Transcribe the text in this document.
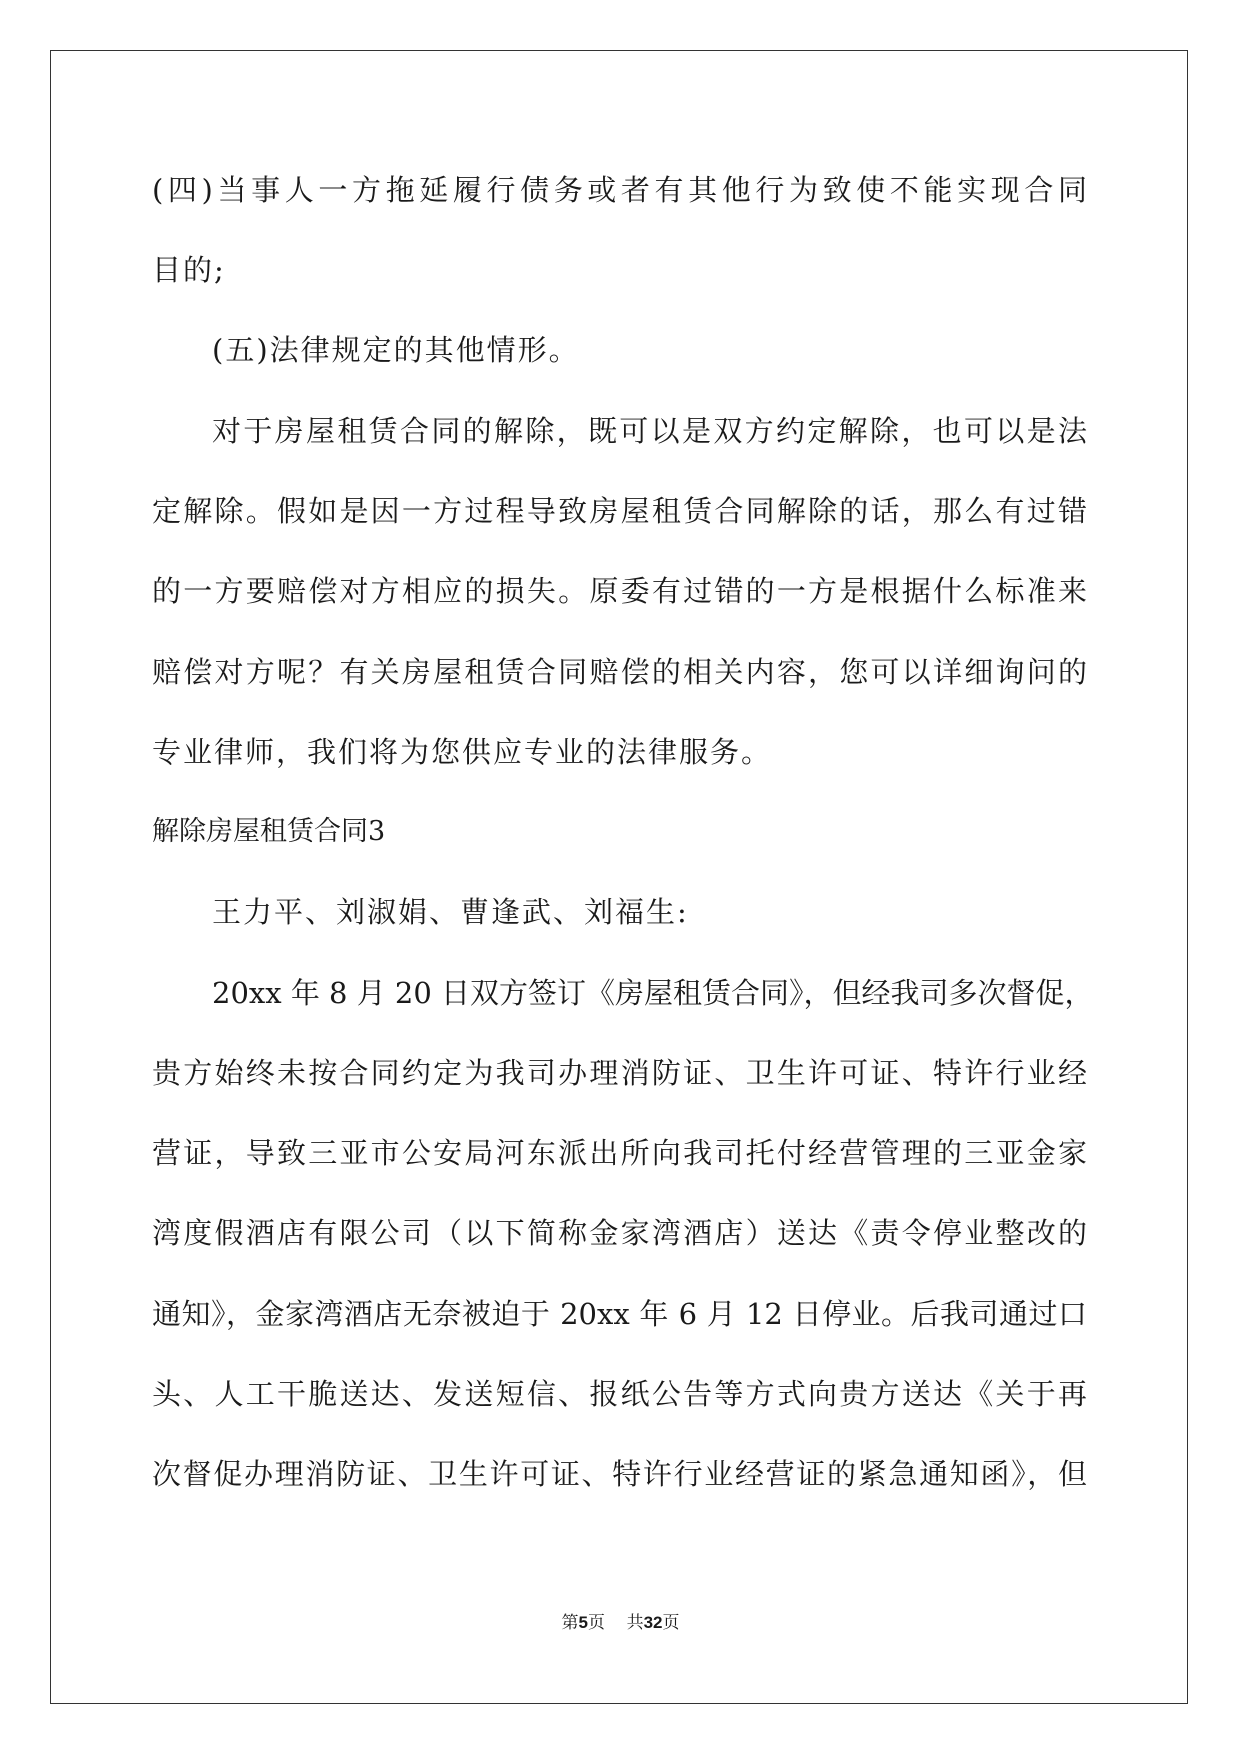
(四)当事人一方拖延履行债务或者有其他行为致使不能实现合同

目的;

(五)法律规定的其他情形。

对于房屋租赁合同的解除，既可以是双方约定解除，也可以是法

定解除。假如是因一方过程导致房屋租赁合同解除的话，那么有过错

的一方要赔偿对方相应的损失。原委有过错的一方是根据什么标准来

赔偿对方呢？有关房屋租赁合同赔偿的相关内容，您可以详细询问的

专业律师，我们将为您供应专业的法律服务。

解除房屋租赁合同3

王力平、刘淑娟、曹逢武、刘福生:

20xx 年 8 月 20 日双方签订《房屋租赁合同》，但经我司多次督促，

贵方始终未按合同约定为我司办理消防证、卫生许可证、特许行业经

营证，导致三亚市公安局河东派出所向我司托付经营管理的三亚金家

湾度假酒店有限公司（以下简称金家湾酒店）送达《责令停业整改的

通知》，金家湾酒店无奈被迫于 20xx 年 6 月 12 日停业。后我司通过口

头、人工干脆送达、发送短信、报纸公告等方式向贵方送达《关于再

次督促办理消防证、卫生许可证、特许行业经营证的紧急通知函》，但

第5页 共32页
